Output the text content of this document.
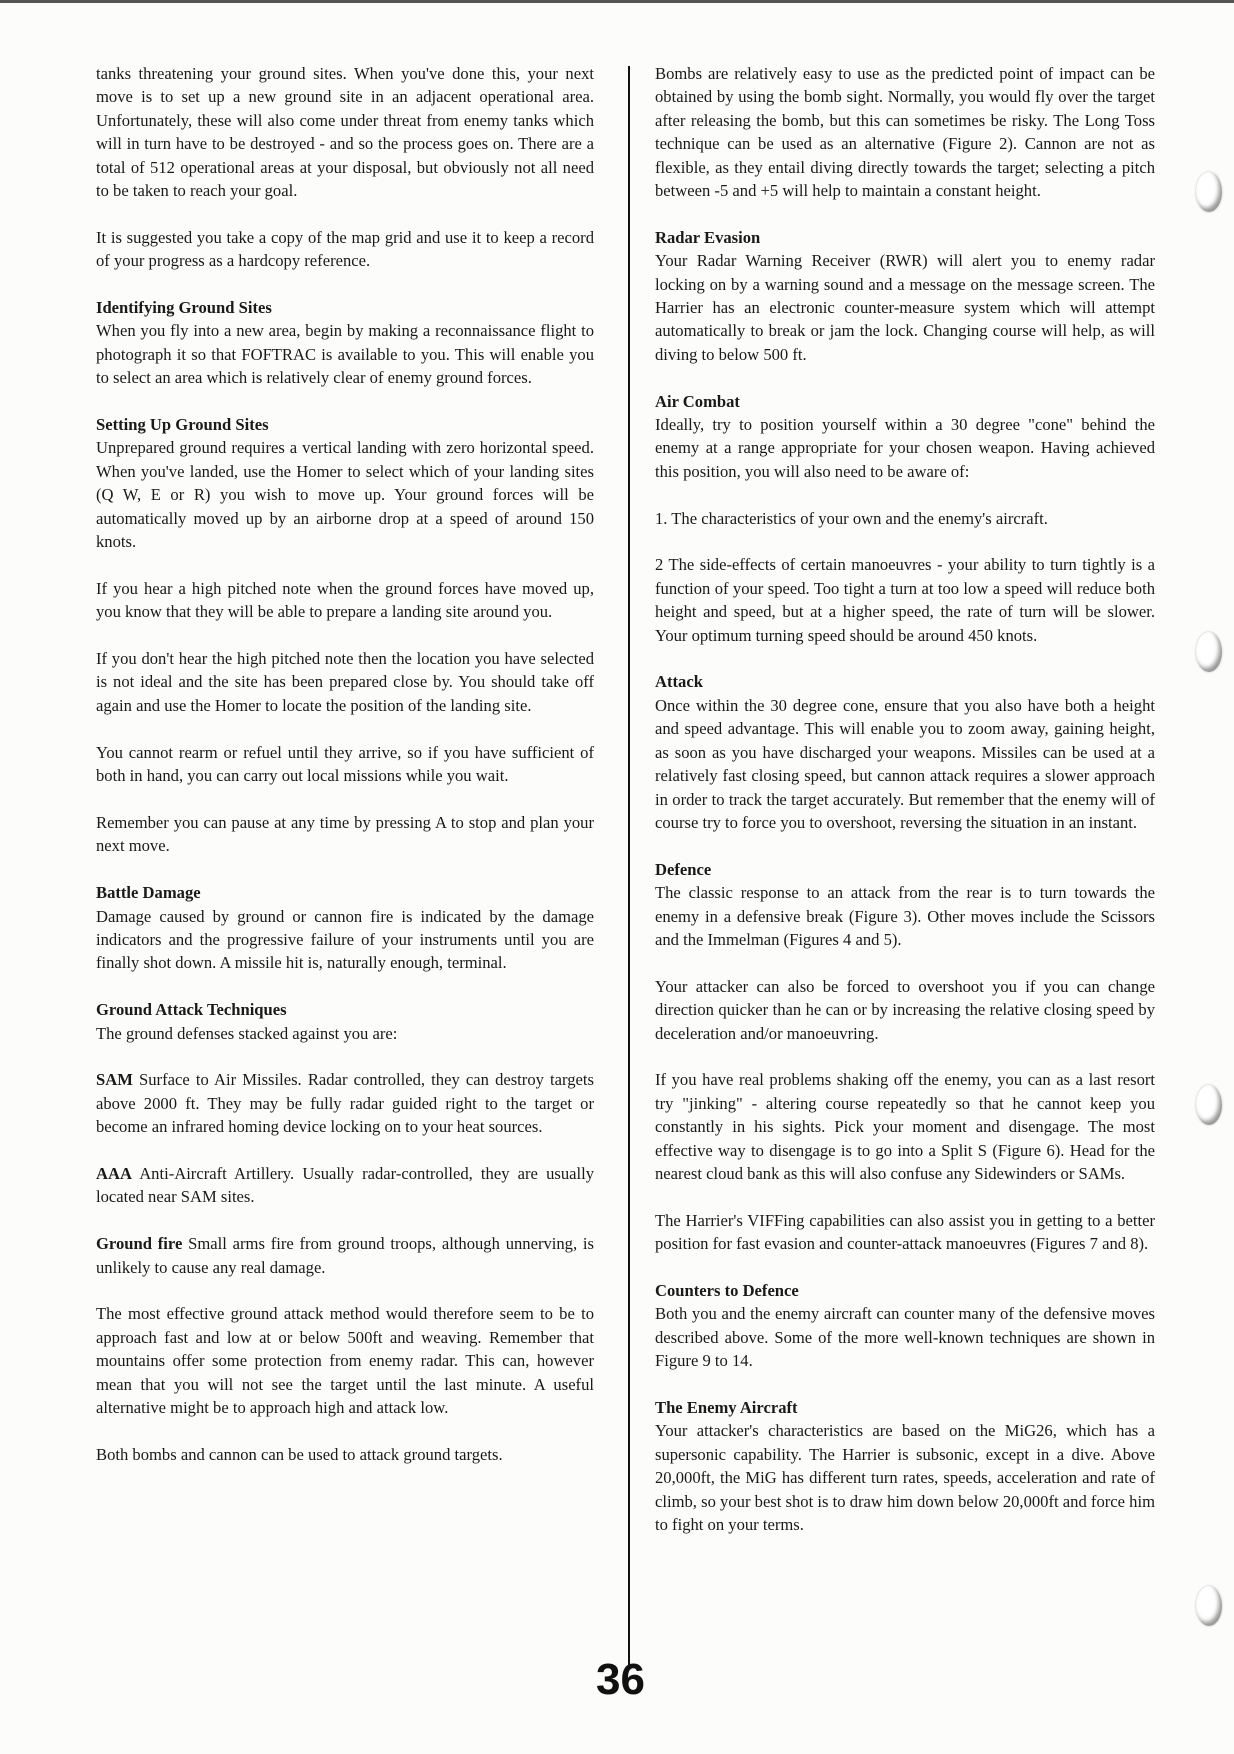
tanks threatening your ground sites. When you've done this, your next move is to set up a new ground site in an adjacent operational area. Unfortunately, these will also come under threat from enemy tanks which will in turn have to be destroyed - and so the process goes on. There are a total of 512 operational areas at your disposal, but obviously not all need to be taken to reach your goal.

It is suggested you take a copy of the map grid and use it to keep a record of your progress as a hardcopy reference.

Identifying Ground Sites

When you fly into a new area, begin by making a reconnaissance flight to photograph it so that FOFTRAC is available to you. This will enable you to select an area which is relatively clear of enemy ground forces.

Setting Up Ground Sites

Unprepared ground requires a vertical landing with zero horizontal speed. When you've landed, use the Homer to select which of your landing sites (Q W, E or R) you wish to move up. Your ground forces will be automatically moved up by an airborne drop at a speed of around 150 knots.

If you hear a high pitched note when the ground forces have moved up, you know that they will be able to prepare a landing site around you.

If you don't hear the high pitched note then the location you have selected is not ideal and the site has been prepared close by. You should take off again and use the Homer to locate the position of the landing site.

You cannot rearm or refuel until they arrive, so if you have sufficient of both in hand, you can carry out local missions while you wait.

Remember you can pause at any time by pressing A to stop and plan your next move.

Battle Damage

Damage caused by ground or cannon fire is indicated by the damage indicators and the progressive failure of your instruments until you are finally shot down. A missile hit is, naturally enough, terminal.

Ground Attack Techniques

The ground defenses stacked against you are:

SAM Surface to Air Missiles. Radar controlled, they can destroy targets above 2000 ft. They may be fully radar guided right to the target or become an infrared homing device locking on to your heat sources.

AAA Anti-Aircraft Artillery. Usually radar-controlled, they are usually located near SAM sites.

Ground fire Small arms fire from ground troops, although unnerving, is unlikely to cause any real damage.

The most effective ground attack method would therefore seem to be to approach fast and low at or below 500ft and weaving. Remember that mountains offer some protection from enemy radar. This can, however mean that you will not see the target until the last minute. A useful alternative might be to approach high and attack low.

Both bombs and cannon can be used to attack ground targets.

Bombs are relatively easy to use as the predicted point of impact can be obtained by using the bomb sight. Normally, you would fly over the target after releasing the bomb, but this can sometimes be risky. The Long Toss technique can be used as an alternative (Figure 2). Cannon are not as flexible, as they entail diving directly towards the target; selecting a pitch between -5 and +5 will help to maintain a constant height.

Radar Evasion

Your Radar Warning Receiver (RWR) will alert you to enemy radar locking on by a warning sound and a message on the message screen. The Harrier has an electronic counter-measure system which will attempt automatically to break or jam the lock. Changing course will help, as will diving to below 500 ft.

Air Combat

Ideally, try to position yourself within a 30 degree "cone" behind the enemy at a range appropriate for your chosen weapon. Having achieved this position, you will also need to be aware of:

1. The characteristics of your own and the enemy's aircraft.

2 The side-effects of certain manoeuvres - your ability to turn tightly is a function of your speed. Too tight a turn at too low a speed will reduce both height and speed, but at a higher speed, the rate of turn will be slower. Your optimum turning speed should be around 450 knots.

Attack

Once within the 30 degree cone, ensure that you also have both a height and speed advantage. This will enable you to zoom away, gaining height, as soon as you have discharged your weapons. Missiles can be used at a relatively fast closing speed, but cannon attack requires a slower approach in order to track the target accurately. But remember that the enemy will of course try to force you to overshoot, reversing the situation in an instant.

Defence

The classic response to an attack from the rear is to turn towards the enemy in a defensive break (Figure 3). Other moves include the Scissors and the Immelman (Figures 4 and 5).

Your attacker can also be forced to overshoot you if you can change direction quicker than he can or by increasing the relative closing speed by deceleration and/or manoeuvring.

If you have real problems shaking off the enemy, you can as a last resort try "jinking" - altering course repeatedly so that he cannot keep you constantly in his sights. Pick your moment and disengage. The most effective way to disengage is to go into a Split S (Figure 6). Head for the nearest cloud bank as this will also confuse any Sidewinders or SAMs.

The Harrier's VIFFing capabilities can also assist you in getting to a better position for fast evasion and counter-attack manoeuvres (Figures 7 and 8).

Counters to Defence

Both you and the enemy aircraft can counter many of the defensive moves described above. Some of the more well-known techniques are shown in Figure 9 to 14.

The Enemy Aircraft

Your attacker's characteristics are based on the MiG26, which has a supersonic capability. The Harrier is subsonic, except in a dive. Above 20,000ft, the MiG has different turn rates, speeds, acceleration and rate of climb, so your best shot is to draw him down below 20,000ft and force him to fight on your terms.

36
